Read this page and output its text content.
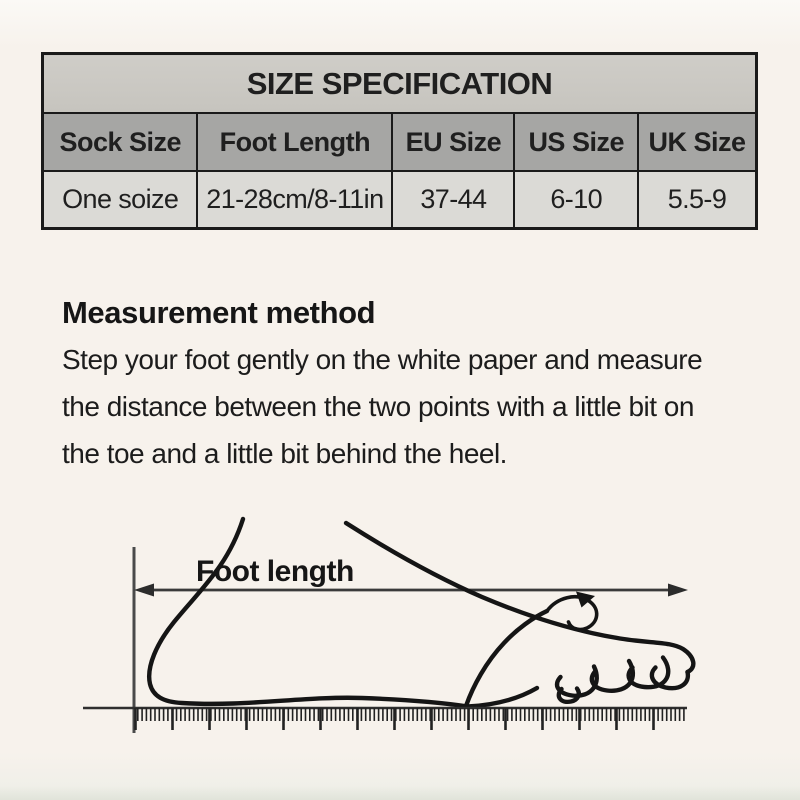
SIZE SPECIFICATION				
Sock Size	Foot Length	EU Size	US Size	UK Size
One soize	21-28cm/8-11in	37-44	6-10	5.5-9
Measurement method
Step your foot gently on the white paper and measure
the distance between the two points with a little bit on
the toe and a little bit behind the heel.
Foot length
